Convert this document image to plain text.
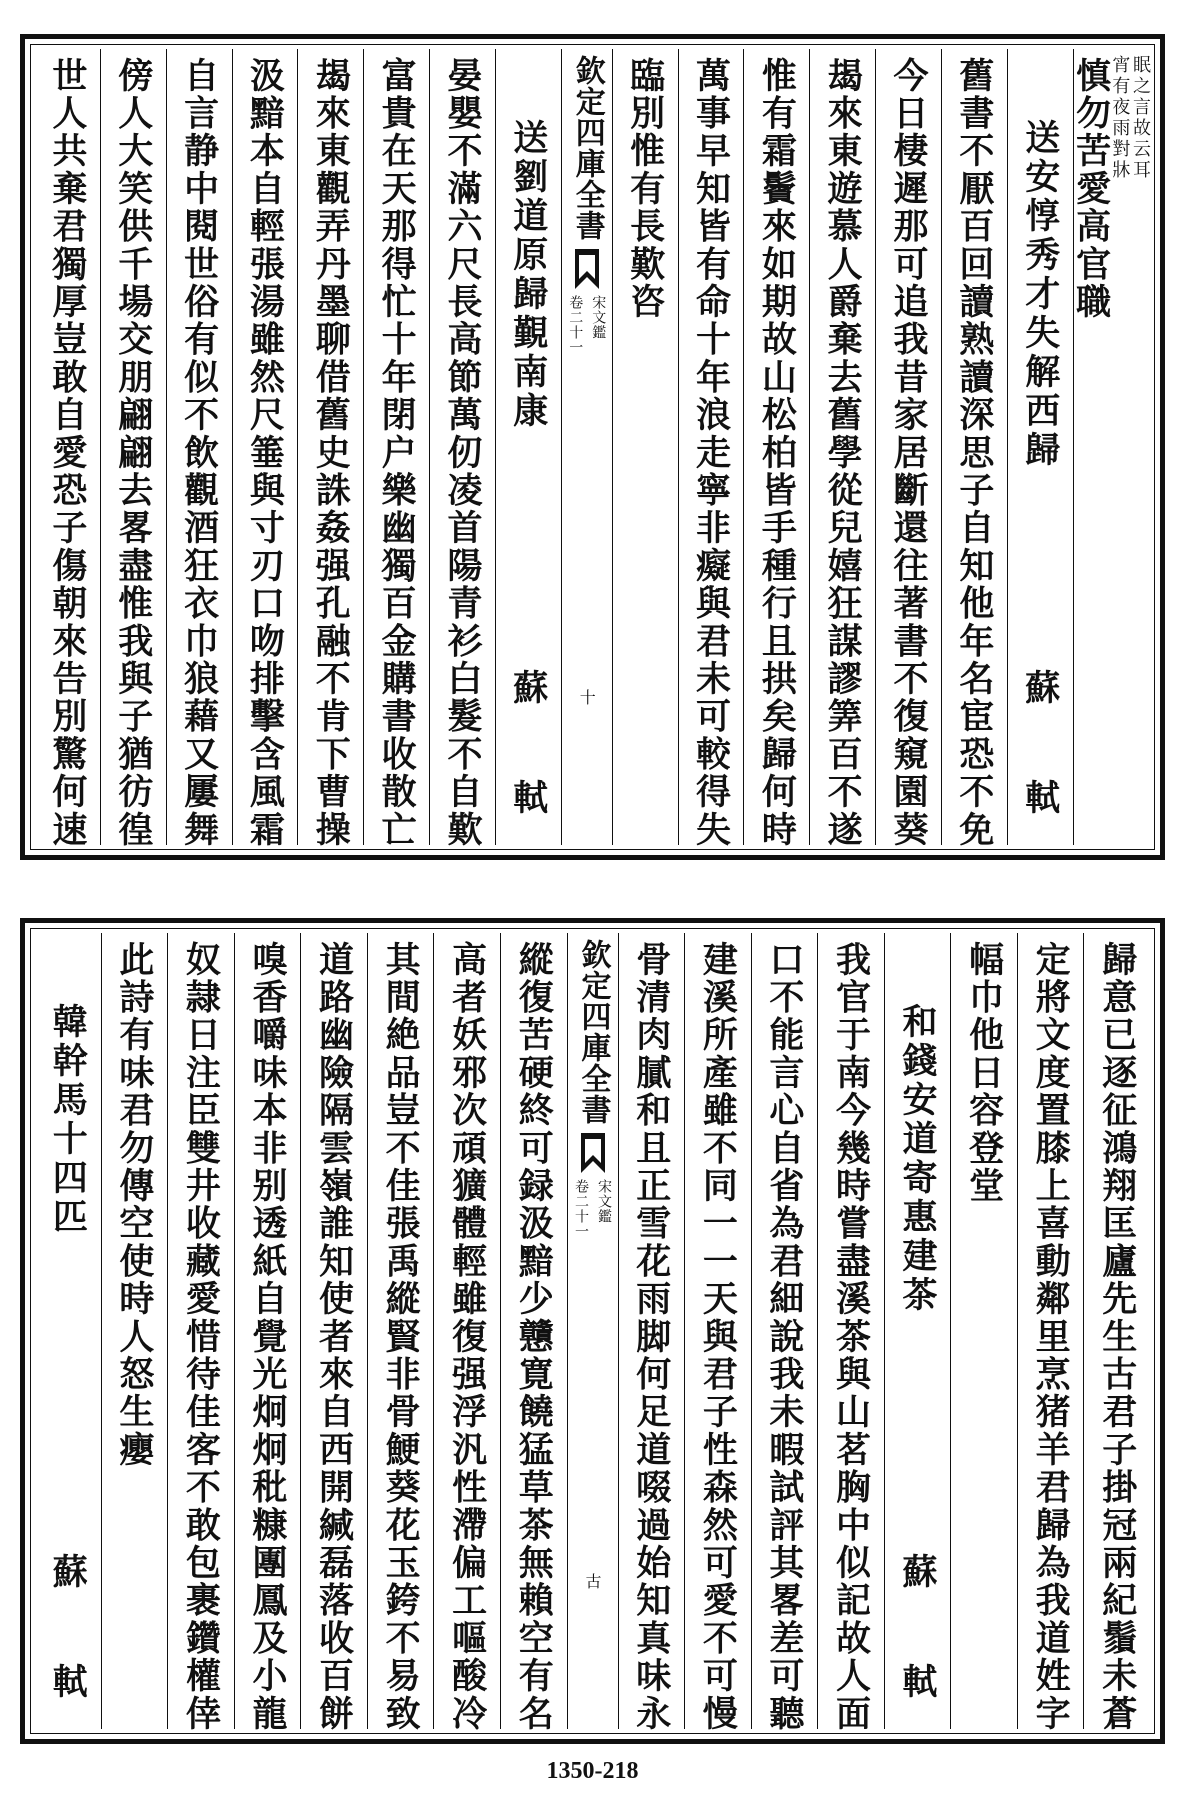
慎勿苦愛高官職
宵有夜雨對牀 眠之言故云耳
送安惇秀才失解西歸
蘇　軾
舊書不厭百回讀熟讀深思子自知他年名宦恐不免
今日棲遲那可追我昔家居斷還往著書不復窺園葵
朅來東遊慕人爵棄去舊學從兒嬉狂謀謬筭百不遂
惟有霜鬢來如期故山松柏皆手種行且拱矣歸何時
萬事早知皆有命十年浪走寧非癡與君未可較得失
臨別惟有長歎咨
欽定四庫全書
宋文鑑
卷二十一
十
送劉道原歸覲南康
蘇　軾
晏嬰不滿六尺長高節萬仞凌首陽青衫白髮不自歎
富貴在天那得忙十年閉户樂幽獨百金購書收散亡
朅來東觀弄丹墨聊借舊史誅姦强孔融不肯下曹操
汲黯本自輕張湯雖然尺箠與寸刃口吻排擊含風霜
自言静中閱世俗有似不飲觀酒狂衣巾狼藉又屢舞
傍人大笑供千場交朋翩翩去畧盡惟我與子猶彷徨
世人共棄君獨厚豈敢自愛恐子傷朝來告別驚何速
歸意已逐征鴻翔匡廬先生古君子掛冠兩紀鬚未蒼
定將文度置膝上喜動鄰里烹猪羊君歸為我道姓字
幅巾他日容登堂
和錢安道寄惠建茶
蘇　軾
我官于南今幾時嘗盡溪茶與山茗胸中似記故人面
口不能言心自省為君細說我未暇試評其畧差可聽
建溪所產雖不同一一天與君子性森然可愛不可慢
骨清肉膩和且正雪花雨脚何足道啜過始知真味永
欽定四庫全書
宋文鑑
卷二十一
古
縱復苦硬終可録汲黯少戇寛饒猛草茶無賴空有名
高者妖邪次頑獷體輕雖復强浮汎性滯偏工嘔酸冷
其間絶品豈不佳張禹縱賢非骨鯁葵花玉銙不易致
道路幽險隔雲嶺誰知使者來自西開緘磊落收百餅
嗅香嚼味本非别透紙自覺光炯炯秕糠團鳳及小龍
奴隷日注臣雙井收藏愛惜待佳客不敢包裹鑽權倖
此詩有味君勿傳空使時人怒生癭
韓幹馬十四匹
蘇　軾
1350-218
